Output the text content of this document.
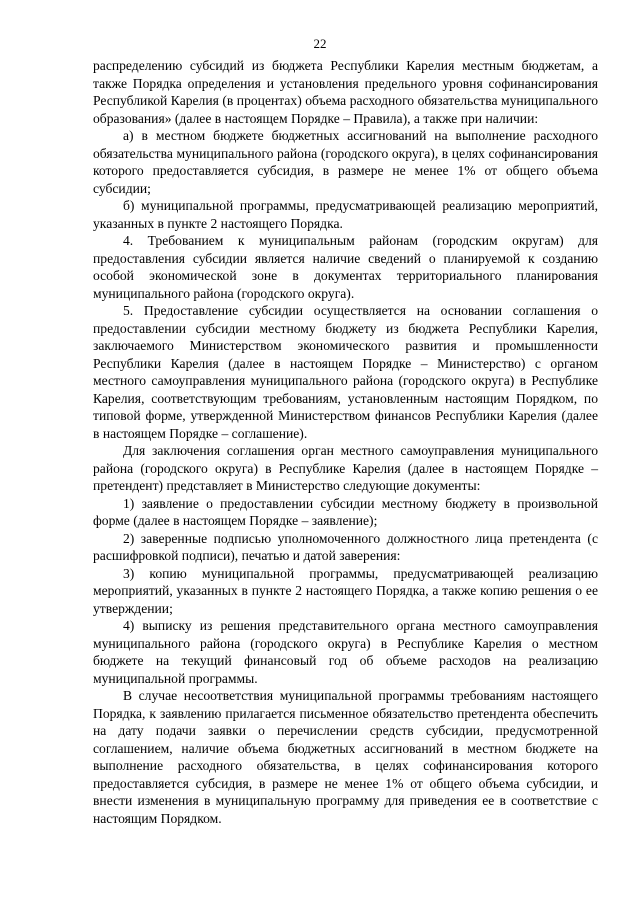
22

распределению субсидий из бюджета Республики Карелия местным бюджетам, а также Порядка определения и установления предельного уровня софинансирования Республикой Карелия (в процентах) объема расходного обязательства муниципального образования» (далее в настоящем Порядке – Правила), а также при наличии:

а) в местном бюджете бюджетных ассигнований на выполнение расходного обязательства муниципального района (городского округа), в целях софинансирования которого предоставляется субсидия, в размере не менее 1% от общего объема субсидии;

б) муниципальной программы, предусматривающей реализацию мероприятий, указанных в пункте 2 настоящего Порядка.

4. Требованием к муниципальным районам (городским округам) для предоставления субсидии является наличие сведений о планируемой к созданию особой экономической зоне в документах территориального планирования муниципального района (городского округа).

5. Предоставление субсидии осуществляется на основании соглашения о предоставлении субсидии местному бюджету из бюджета Республики Карелия, заключаемого Министерством экономического развития и промышленности Республики Карелия (далее в настоящем Порядке – Министерство) с органом местного самоуправления муниципального района (городского округа) в Республике Карелия, соответствующим требованиям, установленным настоящим Порядком, по типовой форме, утвержденной Министерством финансов Республики Карелия (далее в настоящем Порядке – соглашение).

Для заключения соглашения орган местного самоуправления муниципального района (городского округа) в Республике Карелия (далее в настоящем Порядке – претендент) представляет в Министерство следующие документы:

1) заявление о предоставлении субсидии местному бюджету в произвольной форме (далее в настоящем Порядке – заявление);

2) заверенные подписью уполномоченного должностного лица претендента (с расшифровкой подписи), печатью и датой заверения:

3) копию муниципальной программы, предусматривающей реализацию мероприятий, указанных в пункте 2 настоящего Порядка, а также копию решения о ее утверждении;

4) выписку из решения представительного органа местного самоуправления муниципального района (городского округа) в Республике Карелия о местном бюджете на текущий финансовый год об объеме расходов на реализацию муниципальной программы.

В случае несоответствия муниципальной программы требованиям настоящего Порядка, к заявлению прилагается письменное обязательство претендента обеспечить на дату подачи заявки о перечислении средств субсидии, предусмотренной соглашением, наличие объема бюджетных ассигнований в местном бюджете на выполнение расходного обязательства, в целях софинансирования которого предоставляется субсидия, в размере не менее 1% от общего объема субсидии, и внести изменения в муниципальную программу для приведения ее в соответствие с настоящим Порядком.
